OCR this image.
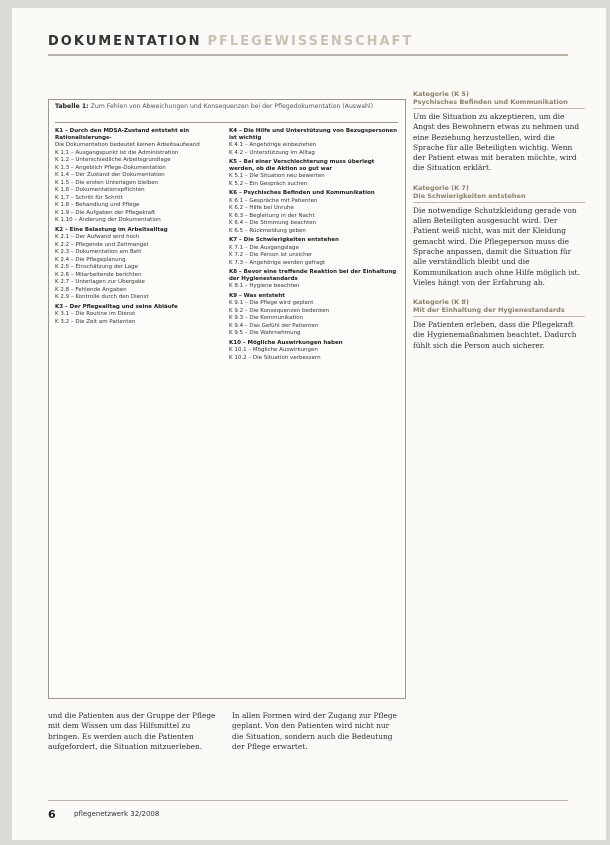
DOKUMENTATION PFLEGEWISSENSCHAFT
Tabelle 1: Zum Fehlen von Abweichungen und Konsequenzen bei der Pflegedokumentation (Auswahl)

K1 – Durch den MDSA-Zustand entsteht ein Rationalisierungs-

Die Dokumentation bedeutet keinen Arbeitsaufwand

K 1.1 – Ausgangspunkt ist die Administration

K 1.2 – Unterschiedliche Arbeitsgrundlage

K 1.3 – Angeblich Pflege-Dokumentation

K 1.4 – Der Zustand der Dokumentation

K 1.5 – Die ersten Unterlagen bleiben

K 1.6 – Dokumentationspflichten

K 1.7 – Schritt für Schritt

K 1.8 – Behandlung und Pflege

K 1.9 – Die Aufgaben der Pflegekraft

K 1.10 – Änderung der Dokumentation

K2 – Eine Belastung im Arbeitsalltag

K 2.1 – Der Aufwand wird hoch

K 2.2 – Pflegende und Zeitmangel

K 2.3 – Dokumentation am Bett

K 2.4 – Die Pflegeplanung

K 2.5 – Einschätzung der Lage

K 2.6 – Mitarbeitende berichten

K 2.7 – Unterlagen zur Übergabe

K 2.8 – Fehlende Angaben

K 2.9 – Kontrolle durch den Dienst

K3 – Der Pflegealltag und seine Abläufe

K 3.1 – Die Routine im Dienst

K 3.2 – Die Zeit am Patienten

K4 – Die Hilfe und Unterstützung von Bezugspersonen ist wichtig

K 4.1 – Angehörige einbeziehen

K 4.2 – Unterstützung im Alltag

K5 – Bei einer Verschlechterung muss überlegt werden, ob die Aktion so gut war

K 5.1 – Die Situation neu bewerten

K 5.2 – Ein Gespräch suchen

K6 – Psychisches Befinden und Kommunikation

K 6.1 – Gespräche mit Patienten

K 6.2 – Hilfe bei Unruhe

K 6.3 – Begleitung in der Nacht

K 6.4 – Die Stimmung beachten

K 6.5 – Rückmeldung geben

K7 – Die Schwierigkeiten entstehen

K 7.1 – Die Ausgangslage

K 7.2 – Die Person ist unsicher

K 7.3 – Angehörige werden gefragt

K8 – Bevor eine treffende Reaktion bei der Einhaltung der Hygienestandards

K 8.1 – Hygiene beachten

K9 – Was entsteht

K 9.1 – Die Pflege wird geplant

K 9.2 – Die Konsequenzen bedenken

K 9.3 – Die Kommunikation

K 9.4 – Das Gefühl der Patienten

K 9.5 – Die Wahrnehmung

K10 – Mögliche Auswirkungen haben

K 10.1 – Mögliche Auswirkungen

K 10.2 – Die Situation verbessern

Kategorie (K 5)
Psychisches Befinden und Kommunikation
Um die Situation zu akzeptieren, um die Angst des Bewohnern etwas zu nehmen und eine Beziehung herzustellen, wird die Sprache für alle Beteiligten wichtig. Wenn der Patient etwas mit beraten möchte, wird die Situation erklärt.
Kategorie (K 7)
Die Schwierigkeiten entstehen
Die notwendige Schutzkleidung gerade von allen Beteiligten ausgesucht wird. Der Patient weiß nicht, was mit der Kleidung gemacht wird. Die Pflegeperson muss die Sprache anpassen, damit die Situation für alle verständlich bleibt und die Kommunikation auch ohne Hilfe möglich ist. Vieles hängt von der Erfahrung ab.
Kategorie (K 8)
Mit der Einhaltung der Hygienestandards
Die Patienten erleben, dass die Pflegekraft die Hygienemaßnahmen beachtet. Dadurch fühlt sich die Person auch sicherer.
und die Patienten aus der Gruppe der Pflege mit dem Wissen um das Hilfsmittel zu bringen. Es werden auch die Patienten aufgefordert, die Situation mitzuerleben.
In allen Formen wird der Zugang zur Pflege geplant. Von den Patienten wird nicht nur die Situation, sondern auch die Bedeutung der Pflege erwartet.
6	pflegenetzwerk 32/2008
